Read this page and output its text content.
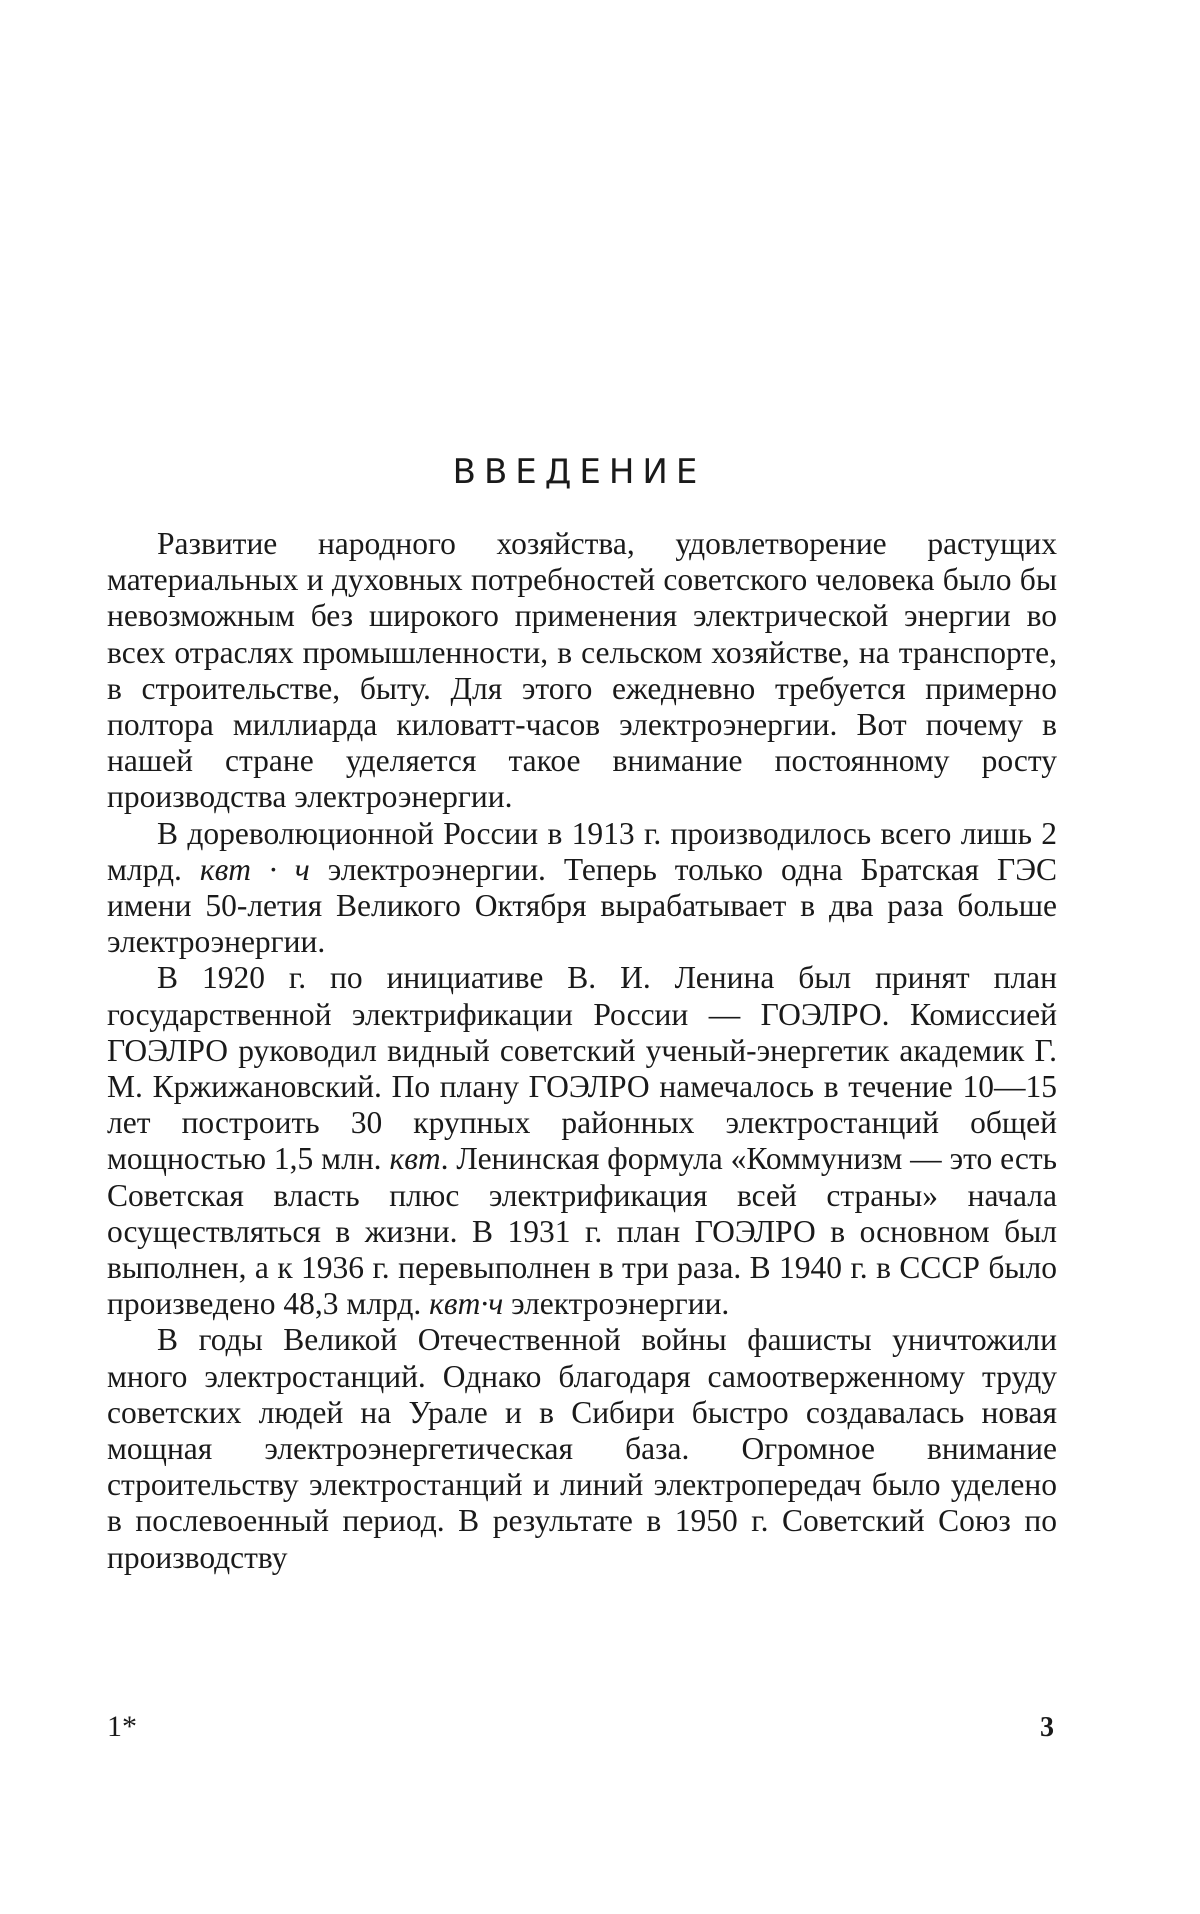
ВВЕДЕНИЕ

Развитие народного хозяйства, удовлетворение растущих материальных и духовных потребностей советского человека было бы невозможным без широкого применения электрической энергии во всех отраслях промышленности, в сельском хозяйстве, на транспорте, в строительстве, быту. Для этого ежедневно требуется примерно полтора миллиарда киловатт-часов электроэнергии. Вот почему в нашей стране уделяется такое внимание постоянному росту производства электроэнергии.

В дореволюционной России в 1913 г. производилось всего лишь 2 млрд. квт · ч электроэнергии. Теперь только одна Братская ГЭС имени 50-летия Великого Октября вырабатывает в два раза больше электроэнергии.

В 1920 г. по инициативе В. И. Ленина был принят план государственной электрификации России — ГОЭЛРО. Комиссией ГОЭЛРО руководил видный советский ученый-энергетик академик Г. М. Кржижановский. По плану ГОЭЛРО намечалось в течение 10—15 лет построить 30 крупных районных электростанций общей мощностью 1,5 млн. квт. Ленинская формула «Коммунизм — это есть Советская власть плюс электрификация всей страны» начала осуществляться в жизни. В 1931 г. план ГОЭЛРО в основном был выполнен, а к 1936 г. перевыполнен в три раза. В 1940 г. в СССР было произведено 48,3 млрд. квт·ч электроэнергии.

В годы Великой Отечественной войны фашисты уничтожили много электростанций. Однако благодаря самоотверженному труду советских людей на Урале и в Сибири быстро создавалась новая мощная электроэнергетическая база. Огромное внимание строительству электростанций и линий электропередач было уделено в послевоенный период. В результате в 1950 г. Советский Союз по производству

1*	3
